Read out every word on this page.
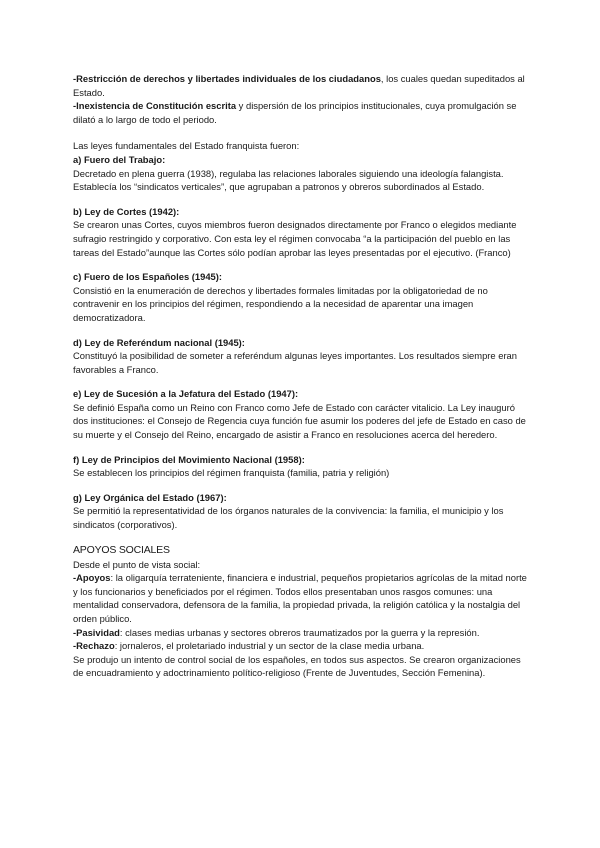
-Restricción de derechos y libertades individuales de los ciudadanos, los cuales quedan supeditados al Estado.

-Inexistencia de Constitución escrita y dispersión de los principios institucionales, cuya promulgación se dilató a lo largo de todo el periodo.

Las leyes fundamentales del Estado franquista fueron:

a) Fuero del Trabajo:

Decretado en plena guerra (1938), regulaba las relaciones laborales siguiendo una ideología falangista. Establecía los “sindicatos verticales”, que agrupaban a patronos y obreros subordinados al Estado.

b) Ley de Cortes (1942):

Se crearon unas Cortes, cuyos miembros fueron designados directamente por Franco o elegidos mediante sufragio restringido y corporativo. Con esta ley el régimen convocaba “a la participación del pueblo en las tareas del Estado”aunque las Cortes sólo podían aprobar las leyes presentadas por el ejecutivo. (Franco)

c) Fuero de los Españoles (1945):

Consistió en la enumeración de derechos y libertades formales limitadas por la obligatoriedad de no contravenir en los principios del régimen, respondiendo a la necesidad de aparentar una imagen democratizadora.

d) Ley de Referéndum nacional (1945):

Constituyó la posibilidad de someter a referéndum algunas leyes importantes. Los resultados siempre eran favorables a Franco.

e) Ley de Sucesión a la Jefatura del Estado (1947):

Se definió España como un Reino con Franco como Jefe de Estado con carácter vitalicio. La Ley inauguró dos instituciones: el Consejo de Regencia cuya función fue asumir los poderes del jefe de Estado en caso de su muerte y el Consejo del Reino, encargado de asistir a Franco en resoluciones acerca del heredero.

f) Ley de Principios del Movimiento Nacional (1958):

Se establecen los principios del régimen franquista (familia, patria y religión)

g) Ley Orgánica del Estado (1967):

Se permitió la representatividad de los órganos naturales de la convivencia: la familia, el municipio y los sindicatos (corporativos).

APOYOS SOCIALES

Desde el punto de vista social:

-Apoyos: la oligarquía terrateniente, financiera e industrial, pequeños propietarios agrícolas de la mitad norte y los funcionarios y beneficiados por el régimen. Todos ellos presentaban unos rasgos comunes: una mentalidad conservadora, defensora de la familia, la propiedad privada, la religión católica y la nostalgia del orden público.

-Pasividad: clases medias urbanas y sectores obreros traumatizados por la guerra y la represión.

-Rechazo: jornaleros, el proletariado industrial y un sector de la clase media urbana.

Se produjo un intento de control social de los españoles, en todos sus aspectos. Se crearon organizaciones de encuadramiento y adoctrinamiento político-religioso (Frente de Juventudes, Sección Femenina).
